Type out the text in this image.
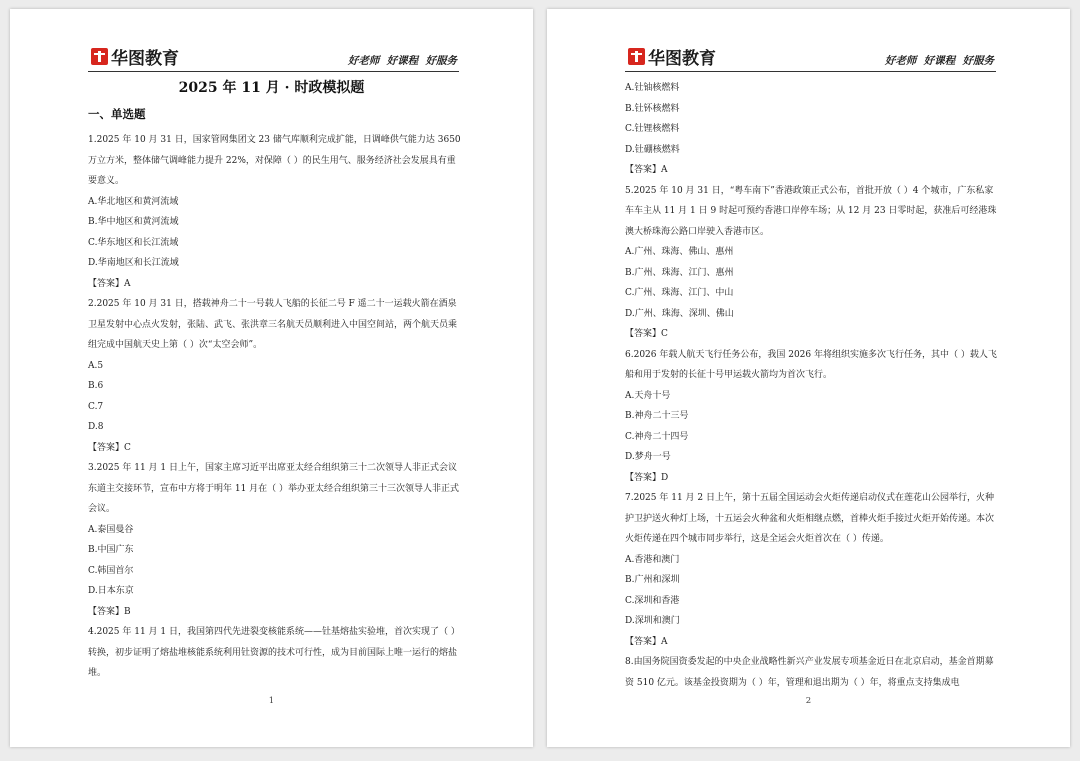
华图教育	好老师  好课程  好服务
2025 年 11 月 · 时政模拟题
一、单选题

1.2025 年 10 月 31 日，国家管网集团文 23 储气库顺利完成扩能，日调峰供气能力达 3650 万立方米，整体储气调峰能力提升 22%，对保障（ ）的民生用气、服务经济社会发展具有重要意义。

A.华北地区和黄河流域

B.华中地区和黄河流域

C.华东地区和长江流域

D.华南地区和长江流域

【答案】A

2.2025 年 10 月 31 日，搭载神舟二十一号载人飞船的长征二号 F 遥二十一运载火箭在酒泉卫星发射中心点火发射，张陆、武飞、张洪章三名航天员顺利进入中国空间站，两个航天员乘组完成中国航天史上第（ ）次“太空会师”。

A.5

B.6

C.7

D.8

【答案】C

3.2025 年 11 月 1 日上午，国家主席习近平出席亚太经合组织第三十二次领导人非正式会议东道主交接环节，宣布中方将于明年 11 月在（ ）举办亚太经合组织第三十三次领导人非正式会议。

A.泰国曼谷

B.中国广东

C.韩国首尔

D.日本东京

【答案】B

4.2025 年 11 月 1 日，我国第四代先进裂变核能系统——钍基熔盐实验堆，首次实现了（ ）转换，初步证明了熔盐堆核能系统利用钍资源的技术可行性，成为目前国际上唯一运行的熔盐堆。

1
华图教育	好老师  好课程  好服务

A.钍铀核燃料

B.钍钚核燃料

C.钍锂核燃料

D.钍硼核燃料

【答案】A

5.2025 年 10 月 31 日，“粤车南下”香港政策正式公布，首批开放（ ）4 个城市，广东私家车车主从 11 月 1 日 9 时起可预约香港口岸停车场；从 12 月 23 日零时起，获准后可经港珠澳大桥珠海公路口岸驶入香港市区。

A.广州、珠海、佛山、惠州

B.广州、珠海、江门、惠州

C.广州、珠海、江门、中山

D.广州、珠海、深圳、佛山

【答案】C

6.2026 年载人航天飞行任务公布，我国 2026 年将组织实施多次飞行任务，其中（ ）载人飞船和用于发射的长征十号甲运载火箭均为首次飞行。

A.天舟十号

B.神舟二十三号

C.神舟二十四号

D.梦舟一号

【答案】D

7.2025 年 11 月 2 日上午，第十五届全国运动会火炬传递启动仪式在莲花山公园举行，火种护卫护送火种灯上场，十五运会火种盆和火炬相继点燃，首棒火炬手接过火炬开始传递。本次火炬传递在四个城市同步举行，这是全运会火炬首次在（ ）传递。

A.香港和澳门

B.广州和深圳

C.深圳和香港

D.深圳和澳门

【答案】A

8.由国务院国资委发起的中央企业战略性新兴产业发展专项基金近日在北京启动，基金首期募资 510 亿元。该基金投资期为（ ）年，管理和退出期为（ ）年，将重点支持集成电

2
